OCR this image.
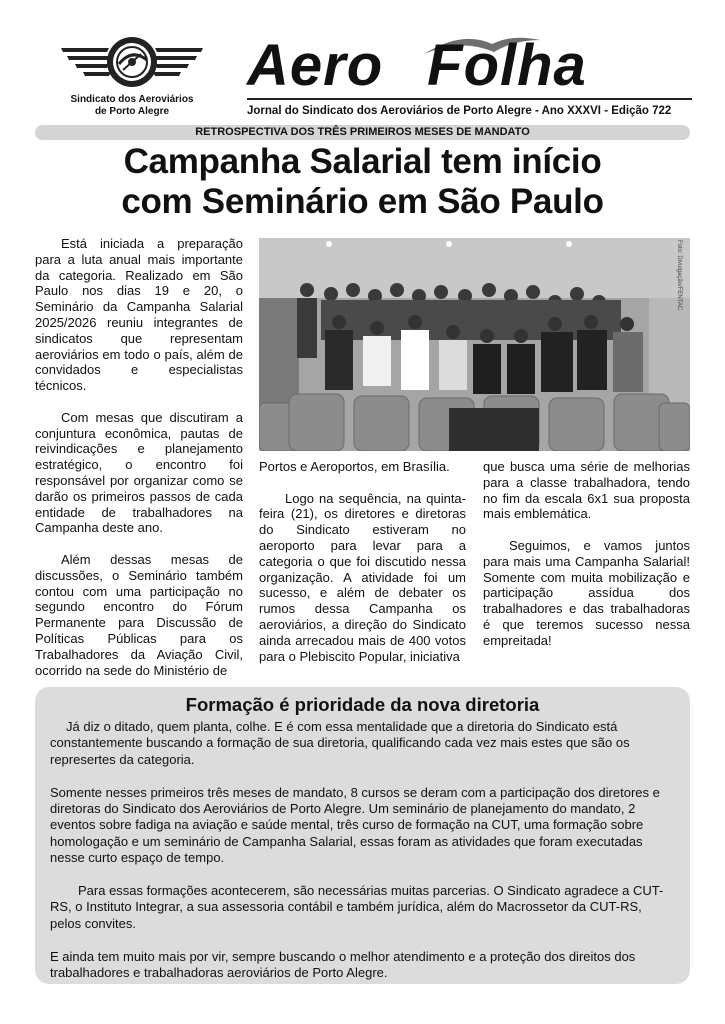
Sindicato dos Aeroviários
de Porto Alegre
Aero Folha
Jornal do Sindicato dos Aeroviários de Porto Alegre - Ano XXXVI - Edição 722
RETROSPECTIVA DOS TRÊS PRIMEIROS MESES DE MANDATO
Campanha Salarial tem início
com Seminário em São Paulo

Está iniciada a preparação para a luta anual mais importante da categoria. Realizado em São Paulo nos dias 19 e 20, o Seminário da Campanha Salarial 2025/2026 reuniu integrantes de sindicatos que representam aeroviários em todo o país, além de convidados e especialistas técnicos.

Com mesas que discutiram a conjuntura econômica, pautas de reivindicações e planejamento estratégico, o encontro foi responsável por organizar como se darão os primeiros passos de cada entidade de trabalhadores na Campanha deste ano.

Além dessas mesas de discussões, o Seminário também contou com uma participação no segundo encontro do Fórum Permanente para Discussão de Políticas Públicas para os Trabalhadores da Aviação Civil, ocorrido na sede do Ministério de

Foto: Divulgação/FENTAC

Portos e Aeroportos, em Brasília.

Logo na sequência, na quinta-feira (21), os diretores e diretoras do Sindicato estiveram no aeroporto para levar para a categoria o que foi discutido nessa organização. A atividade foi um sucesso, e além de debater os rumos dessa Campanha os aeroviários, a direção do Sindicato ainda arrecadou mais de 400 votos para o Plebiscito Popular, iniciativa

que busca uma série de melhorias para a classe trabalhadora, tendo no fim da escala 6x1 sua proposta mais emblemática.

Seguimos, e vamos juntos para mais uma Campanha Salarial! Somente com muita mobilização e participação assídua dos trabalhadores e das trabalhadoras é que teremos sucesso nessa empreitada!

Formação é prioridade da nova diretoria

Já diz o ditado, quem planta, colhe. E é com essa mentalidade que a diretoria do Sindicato está constantemente buscando a formação de sua diretoria, qualificando cada vez mais estes que são os represertes da categoria.

Somente nesses primeiros três meses de mandato, 8 cursos se deram com a participação dos diretores e diretoras do Sindicato dos Aeroviários de Porto Alegre. Um seminário de planejamento do mandato, 2 eventos sobre fadiga na aviação e saúde mental, três curso de formação na CUT, uma formação sobre homologação e um seminário de Campanha Salarial, essas foram as atividades que foram executadas nesse curto espaço de tempo.

Para essas formações acontecerem, são necessárias muitas parcerias. O Sindicato agradece a CUT-RS, o Instituto Integrar, a sua assessoria contábil e também jurídica, além do Macrossetor da CUT-RS, pelos convites.

E ainda tem muito mais por vir, sempre buscando o melhor atendimento e a proteção dos direitos dos trabalhadores e trabalhadoras aeroviários de Porto Alegre.
